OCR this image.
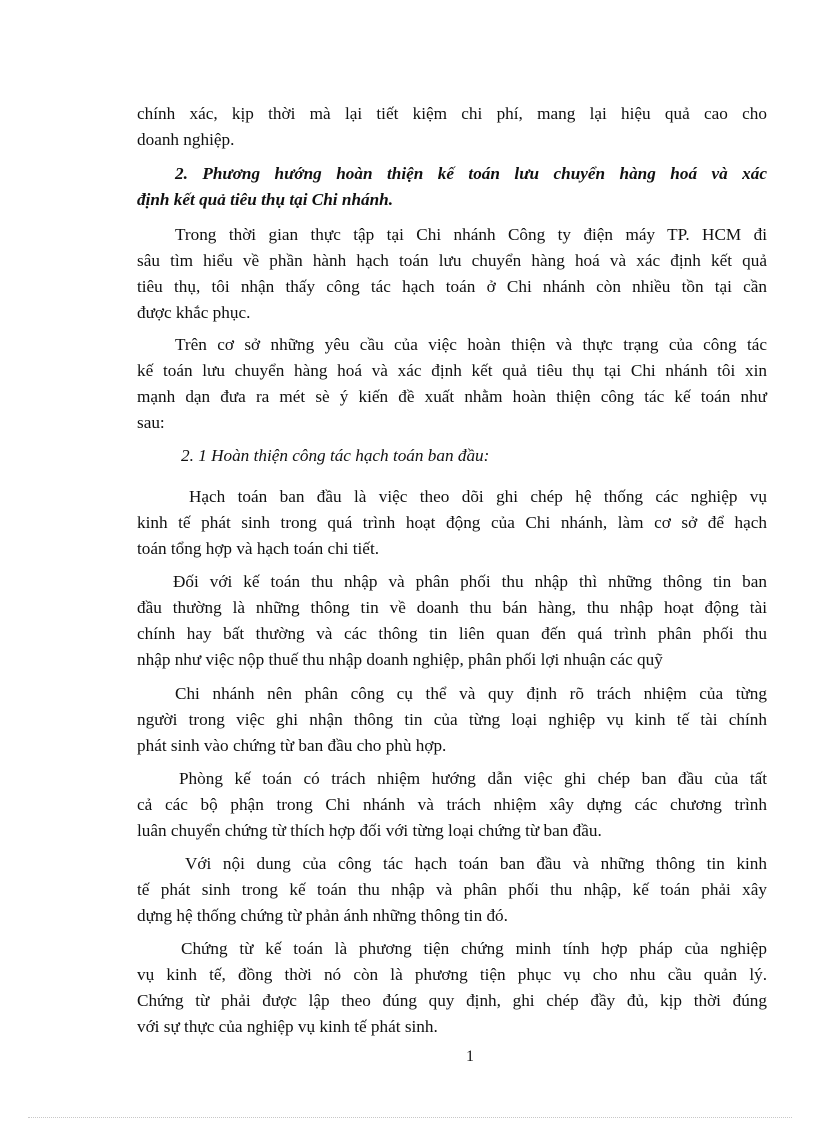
chính xác, kịp thời mà lại tiết kiệm chi phí, mang lại hiệu quả cao cho
doanh nghiệp.
2. Phương hướng hoàn thiện kế toán lưu chuyển hàng hoá và xác
định kết quả tiêu thụ tại Chi nhánh.
Trong thời gian thực tập tại Chi nhánh Công ty điện máy TP. HCM đi
sâu tìm hiểu về phần hành hạch toán lưu chuyển hàng hoá và xác định kết quả
tiêu thụ, tôi nhận thấy công tác hạch toán ở Chi nhánh còn nhiều tồn tại cần
được khắc phục.
Trên cơ sở những yêu cầu của việc hoàn thiện và thực trạng của công tác
kế toán lưu chuyển hàng hoá và xác định kết quả tiêu thụ tại Chi nhánh tôi xin
mạnh dạn đưa ra mét sè ý kiến đề xuất nhằm hoàn thiện công tác kế toán như
sau:
2. 1 Hoàn thiện công tác hạch toán ban đầu:
Hạch toán ban đầu là việc theo dõi ghi chép hệ thống các nghiệp vụ
kinh tế phát sinh trong quá trình hoạt động của Chi nhánh, làm cơ sở để hạch
toán tổng hợp và hạch toán chi tiết.
Đối với kế toán thu nhập và phân phối thu nhập thì những thông tin ban
đầu thường là những thông tin về doanh thu bán hàng, thu nhập hoạt động tài
chính hay bất thường và các thông tin liên quan đến quá trình phân phối thu
nhập như việc nộp thuế thu nhập doanh nghiệp, phân phối lợi nhuận các quỹ
Chi nhánh nên phân công cụ thể và quy định rõ trách nhiệm của từng
người trong việc ghi nhận thông tin của từng loại nghiệp vụ kinh tế tài chính
phát sinh vào chứng từ ban đầu cho phù hợp.
Phòng kế toán có trách nhiệm hướng dẫn việc ghi chép ban đầu của tất
cả các bộ phận trong Chi nhánh và trách nhiệm xây dựng các chương trình
luân chuyển chứng từ thích hợp đối với từng loại chứng từ ban đầu.
Với nội dung của công tác hạch toán ban đầu và những thông tin kinh
tế phát sinh trong kế toán thu nhập và phân phối thu nhập, kế toán phải xây
dựng hệ thống chứng từ phản ánh những thông tin đó.
Chứng từ kế toán là phương tiện chứng minh tính hợp pháp của nghiệp
vụ kinh tế, đồng thời nó còn là phương tiện phục vụ cho nhu cầu quản lý.
Chứng từ phải được lập theo đúng quy định, ghi chép đầy đủ, kịp thời đúng
với sự thực của nghiệp vụ kinh tế phát sinh.
1
